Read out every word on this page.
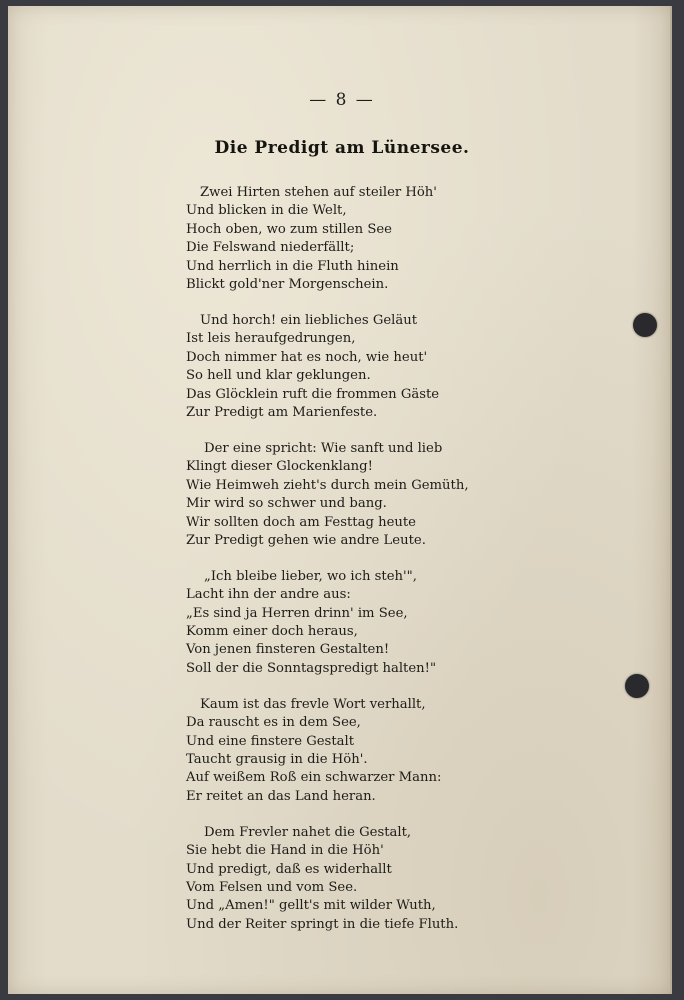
— 8 —
Die Predigt am Lünersee.
Zwei Hirten stehen auf steiler Höh'
Und blicken in die Welt,
Hoch oben, wo zum stillen See
Die Felswand niederfällt;
Und herrlich in die Fluth hinein
Blickt gold'ner Morgenschein.
Und horch! ein liebliches Geläut
Ist leis heraufgedrungen,
Doch nimmer hat es noch, wie heut'
So hell und klar geklungen.
Das Glöcklein ruft die frommen Gäste
Zur Predigt am Marienfeste.
Der eine spricht: Wie sanft und lieb
Klingt dieser Glockenklang!
Wie Heimweh zieht's durch mein Gemüth,
Mir wird so schwer und bang.
Wir sollten doch am Festtag heute
Zur Predigt gehen wie andre Leute.
„Ich bleibe lieber, wo ich steh'",
Lacht ihn der andre aus:
„Es sind ja Herren drinn' im See,
Komm einer doch heraus,
Von jenen finsteren Gestalten!
Soll der die Sonntagspredigt halten!"
Kaum ist das frevle Wort verhallt,
Da rauscht es in dem See,
Und eine finstere Gestalt
Taucht grausig in die Höh'.
Auf weißem Roß ein schwarzer Mann:
Er reitet an das Land heran.
Dem Frevler nahet die Gestalt,
Sie hebt die Hand in die Höh'
Und predigt, daß es widerhallt
Vom Felsen und vom See.
Und „Amen!" gellt's mit wilder Wuth,
Und der Reiter springt in die tiefe Fluth.
